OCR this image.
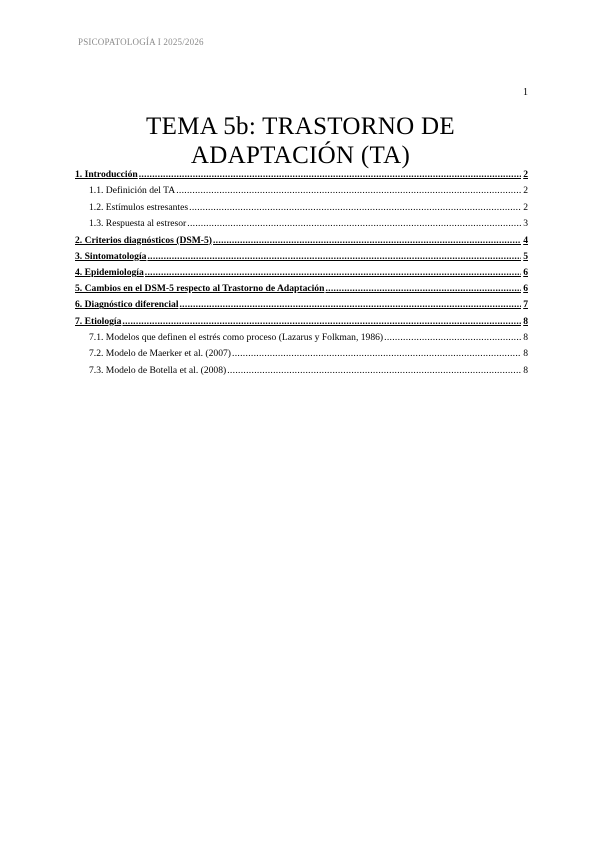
PSICOPATOLOGÍA I 2025/2026
1
TEMA 5b: TRASTORNO DE
ADAPTACIÓN (TA)
1. Introducción .....	2
1.1. Definición del TA .....	2
1.2. Estímulos estresantes .....	2
1.3. Respuesta al estresor .....	3
2. Criterios diagnósticos (DSM-5) .....	4
3. Sintomatología .....	5
4. Epidemiología .....	6
5. Cambios en el DSM-5 respecto al Trastorno de Adaptación .....	6
6. Diagnóstico diferencial .....	7
7. Etiología .....	8
7.1. Modelos que definen el estrés como proceso (Lazarus y Folkman, 1986) .....	8
7.2. Modelo de Maerker et al. (2007) .....	8
7.3. Modelo de Botella et al. (2008) .....	8
